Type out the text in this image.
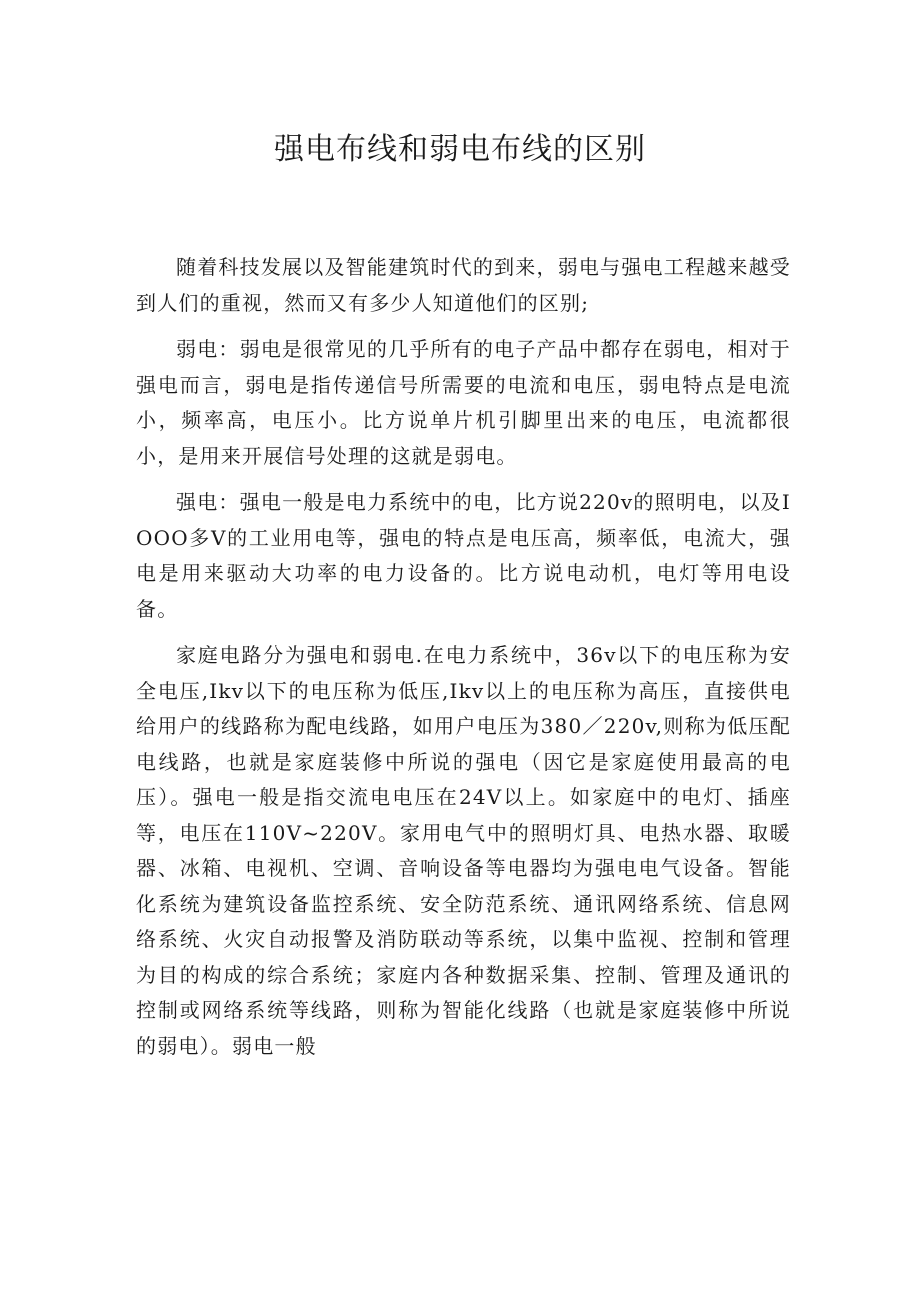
强电布线和弱电布线的区别

随着科技发展以及智能建筑时代的到来，弱电与强电工程越来越受到人们的重视，然而又有多少人知道他们的区别;

弱电：弱电是很常见的几乎所有的电子产品中都存在弱电，相对于强电而言，弱电是指传递信号所需要的电流和电压，弱电特点是电流小，频率高，电压小。比方说单片机引脚里出来的电压，电流都很小，是用来开展信号处理的这就是弱电。

强电：强电一般是电力系统中的电，比方说220v的照明电，以及IOOO多V的工业用电等，强电的特点是电压高，频率低，电流大，强电是用来驱动大功率的电力设备的。比方说电动机，电灯等用电设备。

家庭电路分为强电和弱电.在电力系统中，36v以下的电压称为安全电压,Ikv以下的电压称为低压,Ikv以上的电压称为高压，直接供电给用户的线路称为配电线路，如用户电压为380／220v,则称为低压配电线路，也就是家庭装修中所说的强电（因它是家庭使用最高的电压）。强电一般是指交流电电压在24V以上。如家庭中的电灯、插座等，电压在110V~220V。家用电气中的照明灯具、电热水器、取暖器、冰箱、电视机、空调、音响设备等电器均为强电电气设备。智能化系统为建筑设备监控系统、安全防范系统、通讯网络系统、信息网络系统、火灾自动报警及消防联动等系统，以集中监视、控制和管理为目的构成的综合系统；家庭内各种数据采集、控制、管理及通讯的控制或网络系统等线路，则称为智能化线路（也就是家庭装修中所说的弱电）。弱电一般
